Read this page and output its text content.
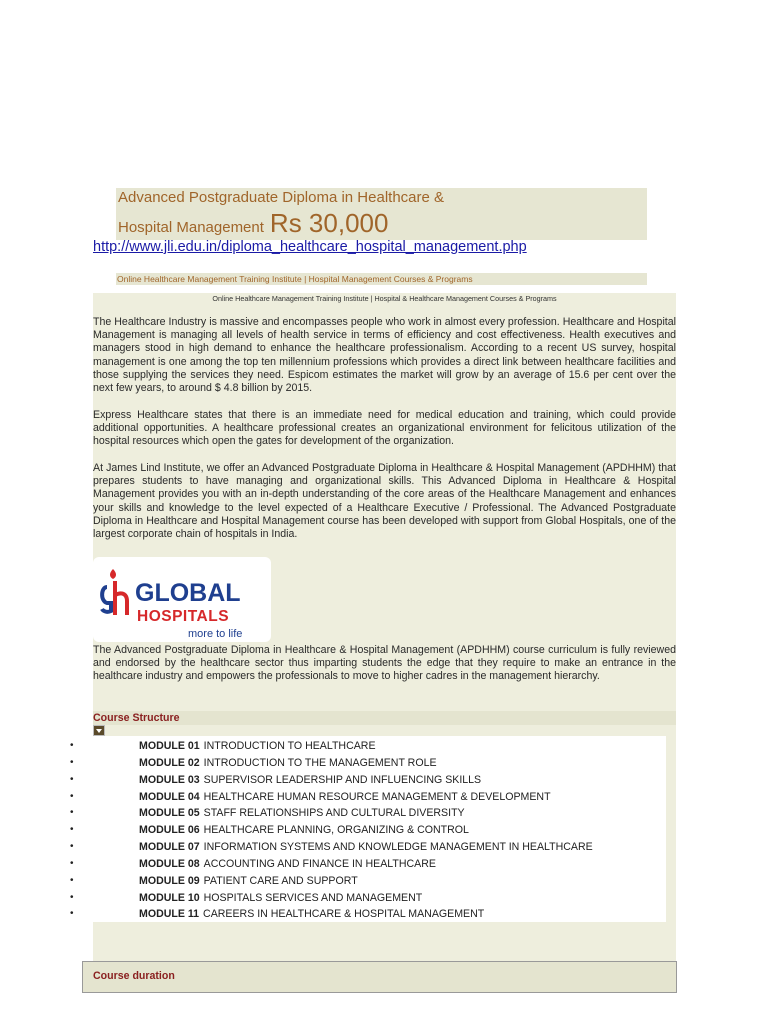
Advanced Postgraduate Diploma in Healthcare &
Hospital Management Rs 30,000
http://www.jli.edu.in/diploma_healthcare_hospital_management.php
Online Healthcare Management Training Institute | Hospital Management Courses & Programs
Online Healthcare Management Training Institute | Hospital & Healthcare Management Courses & Programs

The Healthcare Industry is massive and encompasses people who work in almost every profession. Healthcare and Hospital Management is managing all levels of health service in terms of efficiency and cost effectiveness. Health executives and managers stood in high demand to enhance the healthcare professionalism. According to a recent US survey, hospital management is one among the top ten millennium professions which provides a direct link between healthcare facilities and those supplying the services they need. Espicom estimates the market will grow by an average of 15.6 per cent over the next few years, to around $ 4.8 billion by 2015.

Express Healthcare states that there is an immediate need for medical education and training, which could provide additional opportunities. A healthcare professional creates an organizational environment for felicitous utilization of the hospital resources which open the gates for development of the organization.

At James Lind Institute, we offer an Advanced Postgraduate Diploma in Healthcare & Hospital Management (APDHHM) that prepares students to have managing and organizational skills. This Advanced Diploma in Healthcare & Hospital Management provides you with an in-depth understanding of the core areas of the Healthcare Management and enhances your skills and knowledge to the level expected of a Healthcare Executive / Professional. The Advanced Postgraduate Diploma in Healthcare and Hospital Management course has been developed with support from Global Hospitals, one of the largest corporate chain of hospitals in India.

GLOBAL
HOSPITALS
more to life

The Advanced Postgraduate Diploma in Healthcare & Hospital Management (APDHHM) course curriculum is fully reviewed and endorsed by the healthcare sector thus imparting students the edge that they require to make an entrance in the healthcare industry and empowers the professionals to move to higher cadres in the management hierarchy.

Course Structure
•	MODULE 01 INTRODUCTION TO HEALTHCARE
•	MODULE 02 INTRODUCTION TO THE MANAGEMENT ROLE
•	MODULE 03 SUPERVISOR LEADERSHIP AND INFLUENCING SKILLS
•	MODULE 04 HEALTHCARE HUMAN RESOURCE MANAGEMENT & DEVELOPMENT
•	MODULE 05 STAFF RELATIONSHIPS AND CULTURAL DIVERSITY
•	MODULE 06 HEALTHCARE PLANNING, ORGANIZING & CONTROL
•	MODULE 07 INFORMATION SYSTEMS AND KNOWLEDGE MANAGEMENT IN HEALTHCARE
•	MODULE 08 ACCOUNTING AND FINANCE IN HEALTHCARE
•	MODULE 09 PATIENT CARE AND SUPPORT
•	MODULE 10 HOSPITALS SERVICES AND MANAGEMENT
•	MODULE 11 CAREERS IN HEALTHCARE & HOSPITAL MANAGEMENT
Course duration
